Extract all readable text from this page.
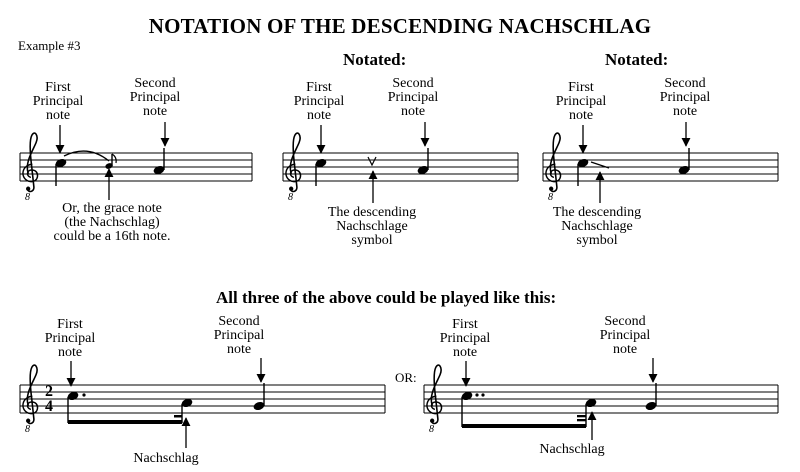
NOTATION OF THE DESCENDING NACHSCHLAG
Example #3
Notated:	Notated:
All three of the above could be played like this:
First
Principal
note
Second
Principal
note
Or, the grace note
(the Nachschlag)
could be a 16th note.
First
Principal
note
Second
Principal
note
The descending
Nachschlage
symbol
First
Principal
note
Second
Principal
note
The descending
Nachschlage
symbol
First
Principal
note
Second
Principal
note
Nachschlag
First
Principal
note
Second
Principal
note
Nachschlag
OR:
8	8	8
8
2
4
8
